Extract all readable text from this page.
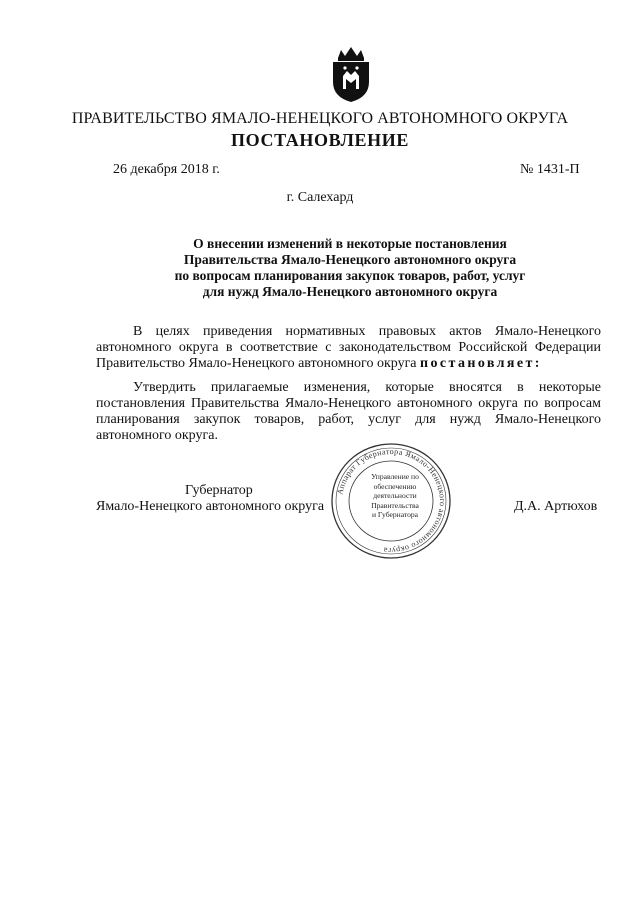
ПРАВИТЕЛЬСТВО ЯМАЛО-НЕНЕЦКОГО АВТОНОМНОГО ОКРУГА
ПОСТАНОВЛЕНИЕ
26 декабря 2018 г.	№ 1431-П
г. Салехард
О внесении изменений в некоторые постановления
Правительства Ямало-Ненецкого автономного округа
по вопросам планирования закупок товаров, работ, услуг
для нужд Ямало-Ненецкого автономного округа

В целях приведения нормативных правовых актов Ямало-Ненецкого автономного округа в соответствие с законодательством Российской Федерации Правительство Ямало-Ненецкого автономного округа постановляет:

Утвердить прилагаемые изменения, которые вносятся в некоторые постановления Правительства Ямало-Ненецкого автономного округа по вопросам планирования закупок товаров, работ, услуг для нужд Ямало-Ненецкого автономного округа.

Губернатор
Ямало-Ненецкого автономного округа	Д.А. Артюхов
Аппарат Губернатора Ямало-Ненецкого автономного округа
Управление по
обеспечению
деятельности
Правительства
и Губернатора
